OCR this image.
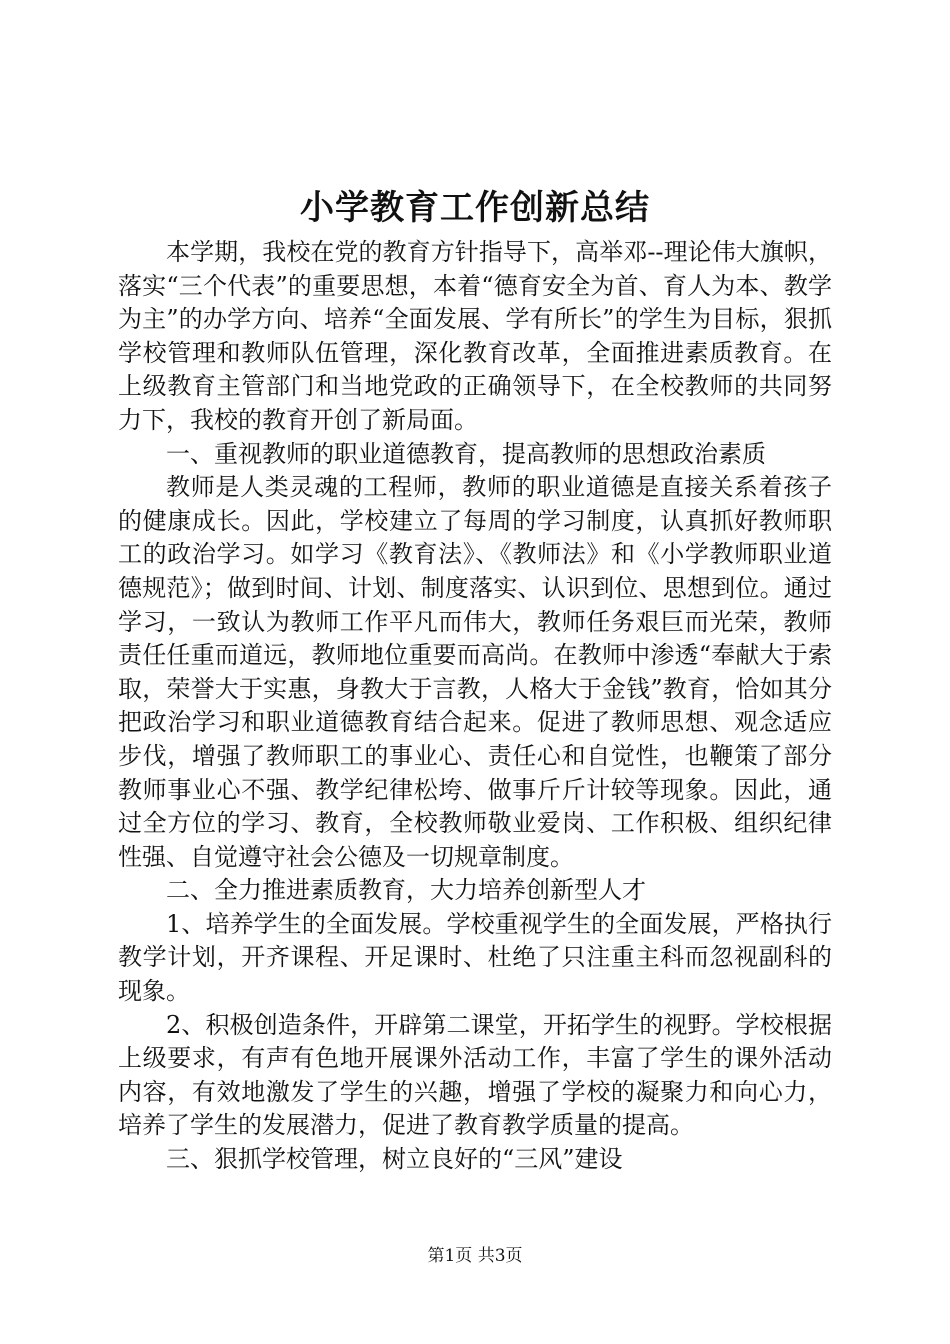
小学教育工作创新总结

本学期，我校在党的教育方针指导下，高举邓--理论伟大旗帜，落实“三个代表”的重要思想，本着“德育安全为首、育人为本、教学为主”的办学方向、培养“全面发展、学有所长”的学生为目标，狠抓学校管理和教师队伍管理，深化教育改革，全面推进素质教育。在上级教育主管部门和当地党政的正确领导下，在全校教师的共同努力下，我校的教育开创了新局面。

一、重视教师的职业道德教育，提高教师的思想政治素质

教师是人类灵魂的工程师，教师的职业道德是直接关系着孩子的健康成长。因此，学校建立了每周的学习制度，认真抓好教师职工的政治学习。如学习《教育法》、《教师法》和《小学教师职业道德规范》；做到时间、计划、制度落实、认识到位、思想到位。通过学习，一致认为教师工作平凡而伟大，教师任务艰巨而光荣，教师责任任重而道远，教师地位重要而高尚。在教师中渗透“奉献大于索取，荣誉大于实惠，身教大于言教，人格大于金钱”教育，恰如其分把政治学习和职业道德教育结合起来。促进了教师思想、观念适应步伐，增强了教师职工的事业心、责任心和自觉性，也鞭策了部分教师事业心不强、教学纪律松垮、做事斤斤计较等现象。因此，通过全方位的学习、教育，全校教师敬业爱岗、工作积极、组织纪律性强、自觉遵守社会公德及一切规章制度。

二、全力推进素质教育，大力培养创新型人才

1、培养学生的全面发展。学校重视学生的全面发展，严格执行教学计划，开齐课程、开足课时、杜绝了只注重主科而忽视副科的现象。

2、积极创造条件，开辟第二课堂，开拓学生的视野。学校根据上级要求，有声有色地开展课外活动工作，丰富了学生的课外活动内容，有效地激发了学生的兴趣，增强了学校的凝聚力和向心力，培养了学生的发展潜力，促进了教育教学质量的提高。

三、狠抓学校管理，树立良好的“三风”建设

第1页 共3页
